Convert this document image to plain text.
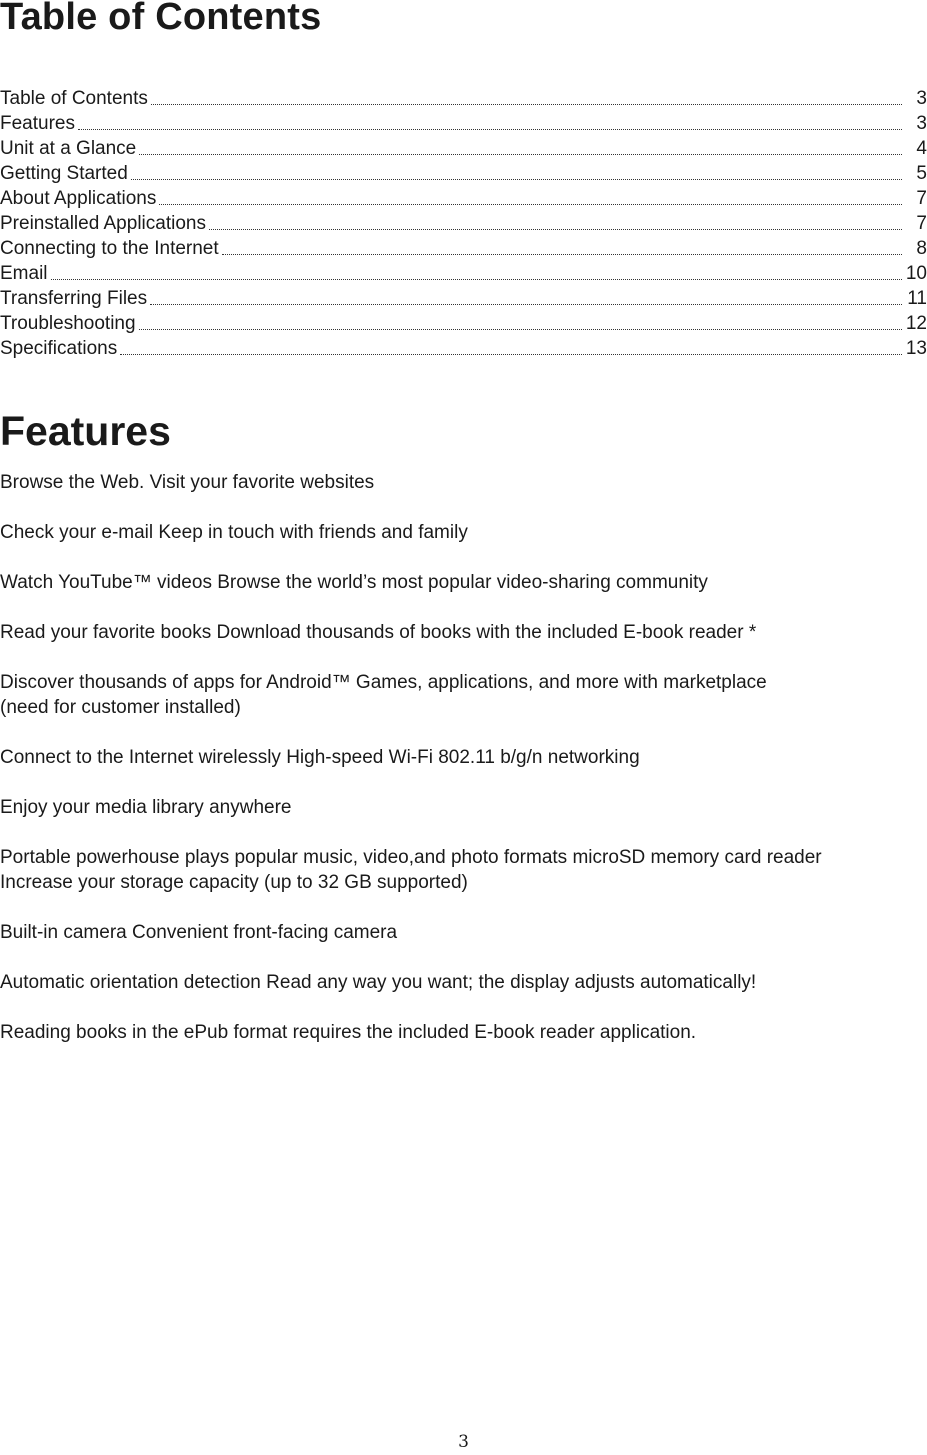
Table of Contents
Table of Contents	3
Features	3
Unit at a Glance	4
Getting Started	5
About Applications	7
Preinstalled Applications	7
Connecting to the Internet	8
Email	10
Transferring Files	11
Troubleshooting	12
Specifications	13
Features
Browse the Web. Visit your favorite websites
Check your e-mail Keep in touch with friends and family
Watch YouTube™ videos Browse the world’s most popular video-sharing community
Read your favorite books Download thousands of books with the included E-book reader *
Discover thousands of apps for Android™ Games, applications, and more with marketplace
(need for customer installed)
Connect to the Internet wirelessly High-speed Wi-Fi 802.11 b/g/n networking
Enjoy your media library anywhere
Portable powerhouse plays popular music, video,and photo formats microSD memory card reader
Increase your storage capacity (up to 32 GB supported)
Built-in camera Convenient front-facing camera
Automatic orientation detection Read any way you want; the display adjusts automatically!
Reading books in the ePub format requires the included E-book reader application.
3
